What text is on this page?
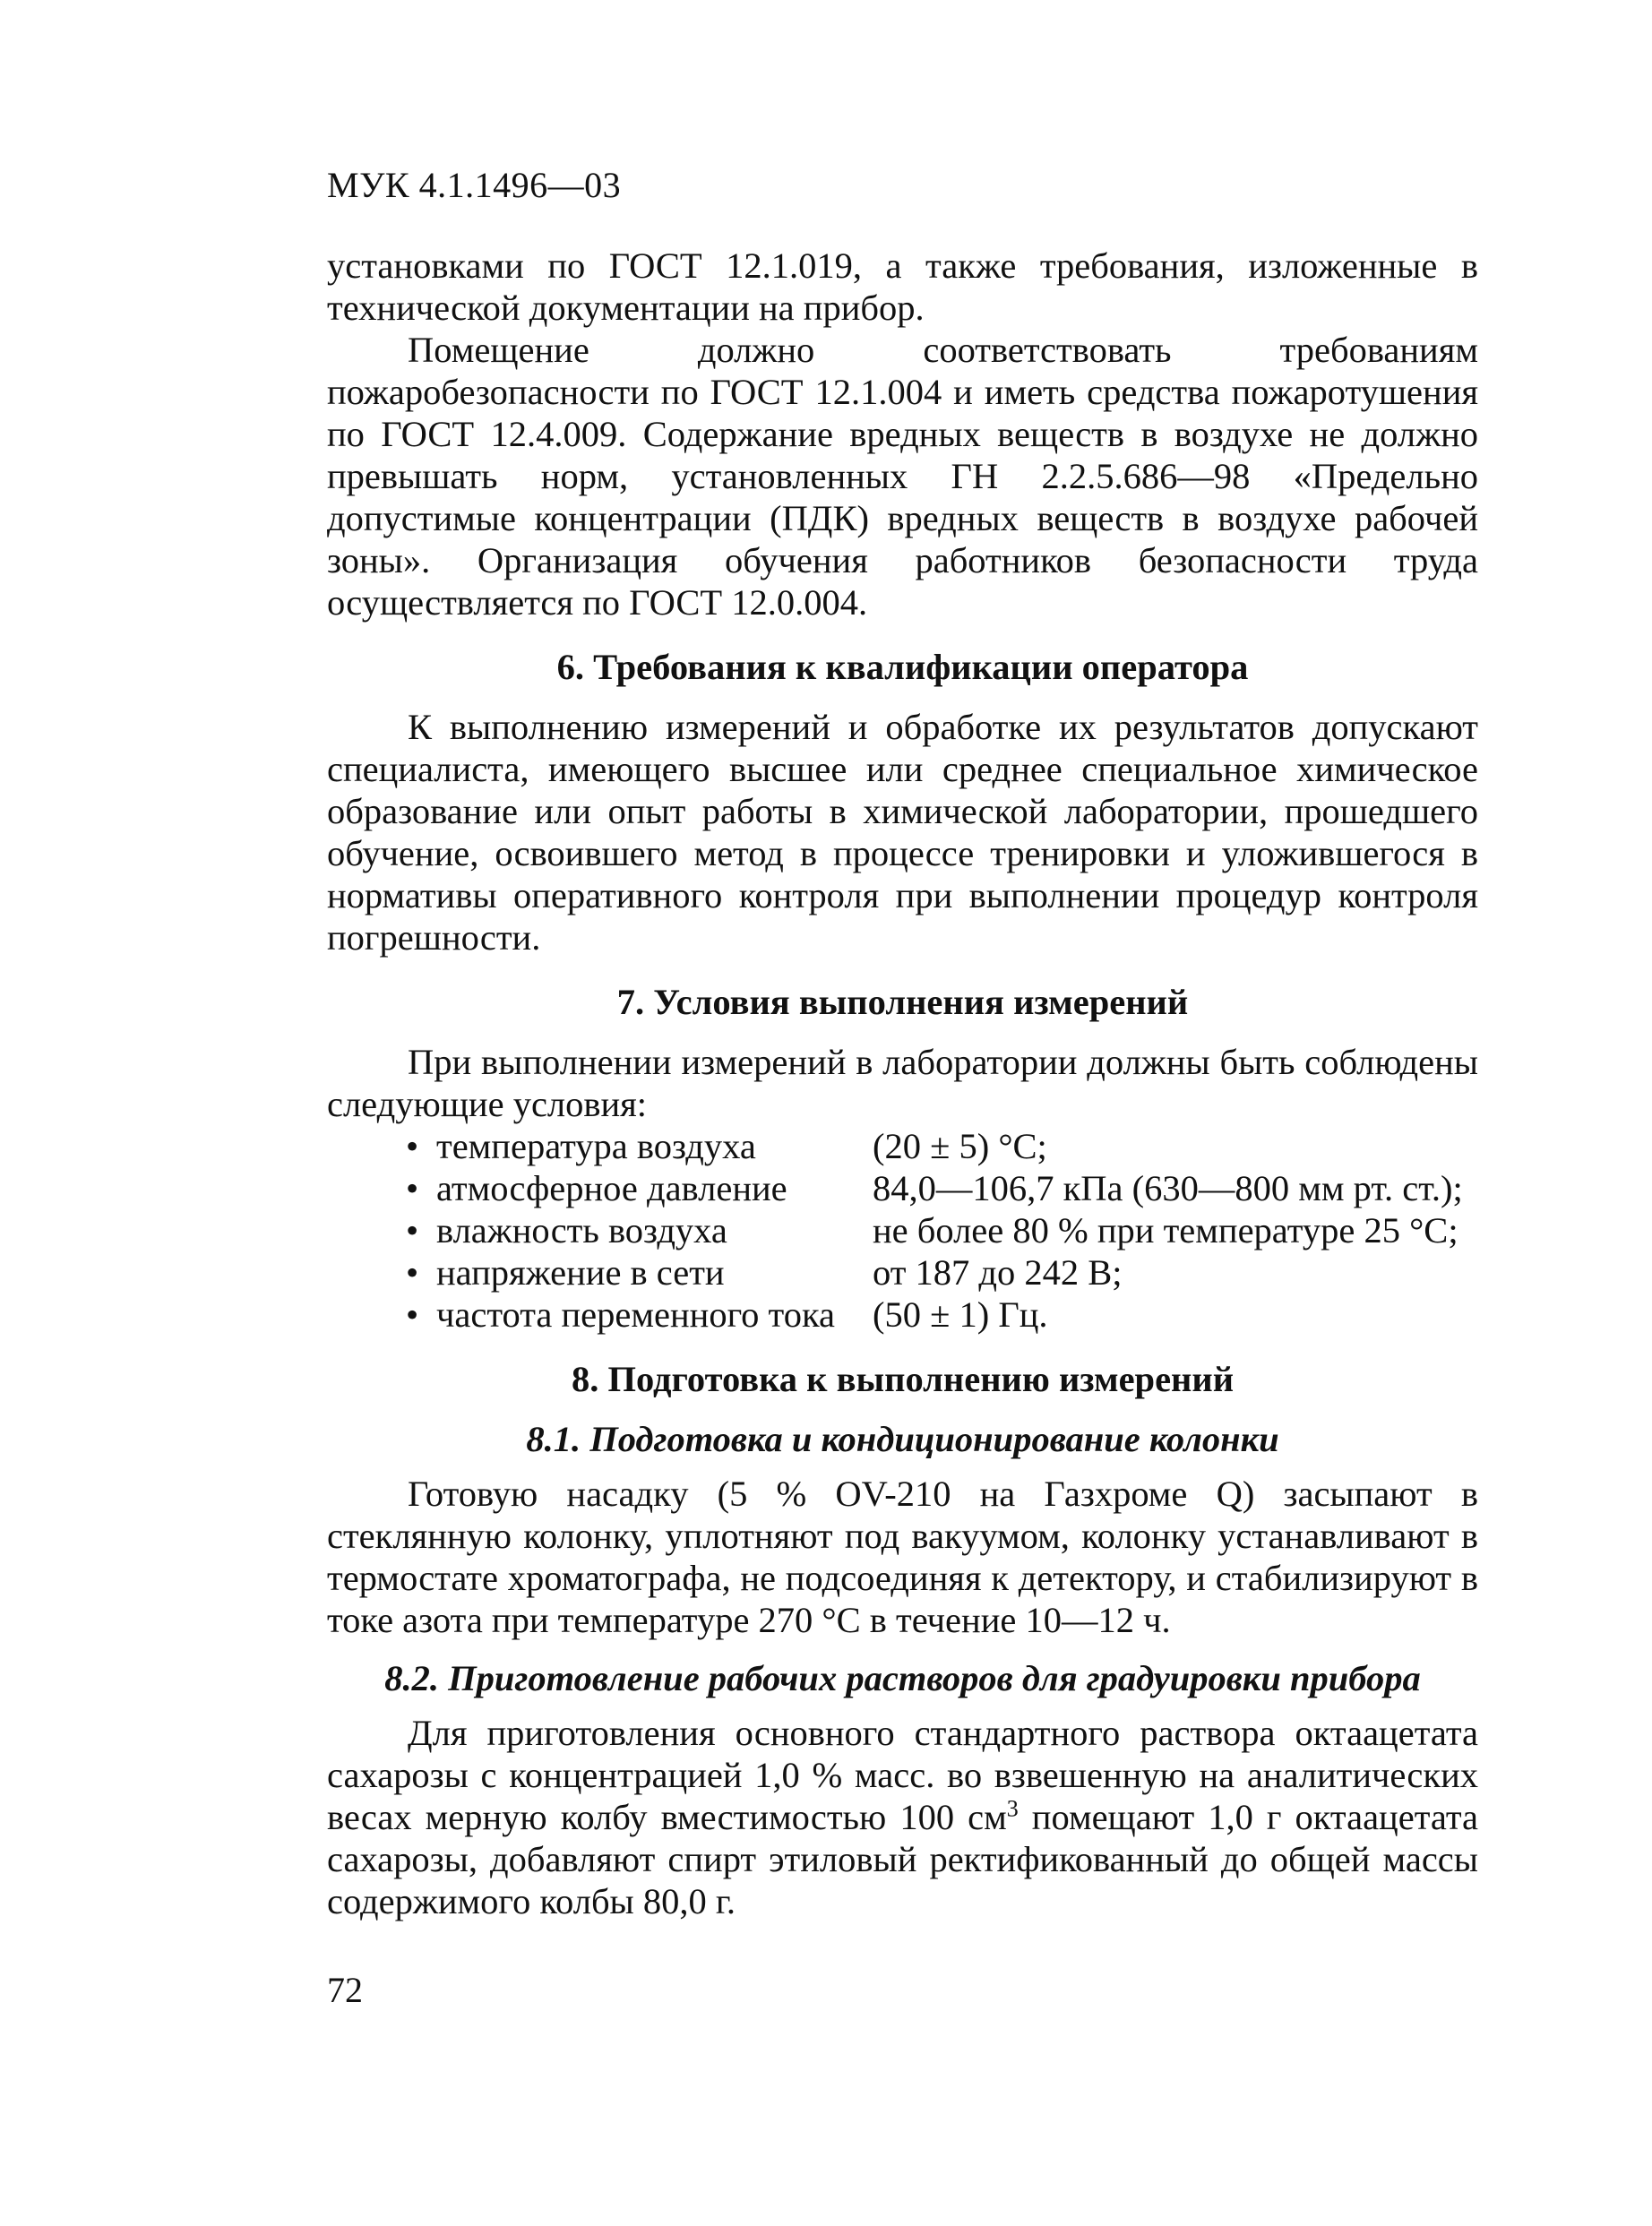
МУК 4.1.1496—03

установками по ГОСТ 12.1.019, а также требования, изложенные в технической документации на прибор.

Помещение должно соответствовать требованиям пожаробезопасности по ГОСТ 12.1.004 и иметь средства пожаротушения по ГОСТ 12.4.009. Содержание вредных веществ в воздухе не должно превышать норм, установленных ГН 2.2.5.686—98 «Предельно допустимые концентрации (ПДК) вредных веществ в воздухе рабочей зоны». Организация обучения работников безопасности труда осуществляется по ГОСТ 12.0.004.

6. Требования к квалификации оператора

К выполнению измерений и обработке их результатов допускают специалиста, имеющего высшее или среднее специальное химическое образование или опыт работы в химической лаборатории, прошедшего обучение, освоившего метод в процессе тренировки и уложившегося в нормативы оперативного контроля при выполнении процедур контроля погрешности.

7. Условия выполнения измерений

При выполнении измерений в лаборатории должны быть соблюдены следующие условия:

• температура воздуха	(20 ± 5) °С;
• атмосферное давление	84,0—106,7 кПа (630—800 мм рт. ст.);
• влажность воздуха	не более 80 % при температуре 25 °С;
• напряжение в сети	от 187 до 242 В;
• частота переменного тока	(50 ± 1) Гц.
8. Подготовка к выполнению измерений
8.1. Подготовка и кондиционирование колонки

Готовую насадку (5 % OV-210 на Газхроме Q) засыпают в стеклянную колонку, уплотняют под вакуумом, колонку устанавливают в термостате хроматографа, не подсоединяя к детектору, и стабилизируют в токе азота при температуре 270 °С в течение 10—12 ч.

8.2. Приготовление рабочих растворов для градуировки прибора

Для приготовления основного стандартного раствора октаацетата сахарозы с концентрацией 1,0 % масс. во взвешенную на аналитических весах мерную колбу вместимостью 100 $см^3$ помещают 1,0 г октаацетата сахарозы, добавляют спирт этиловый ректификованный до общей массы содержимого колбы 80,0 г.

72
